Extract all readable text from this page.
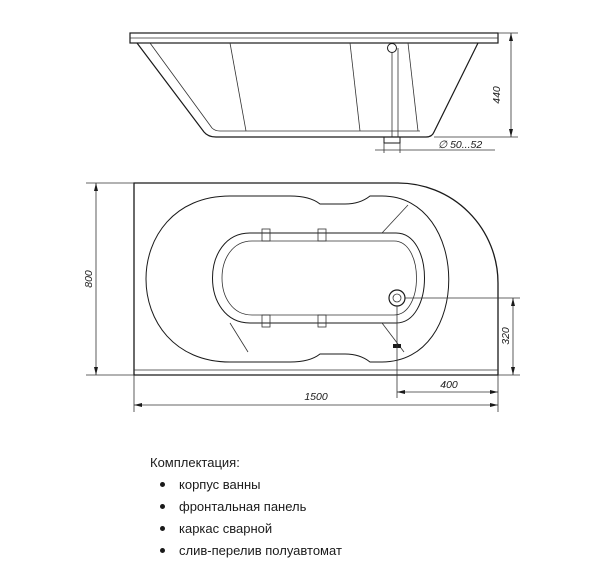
440
∅ 50...52
800
1500
400
320
Комплектация:
корпус ванны
фронтальная панель
каркас сварной
слив-перелив полуавтомат
